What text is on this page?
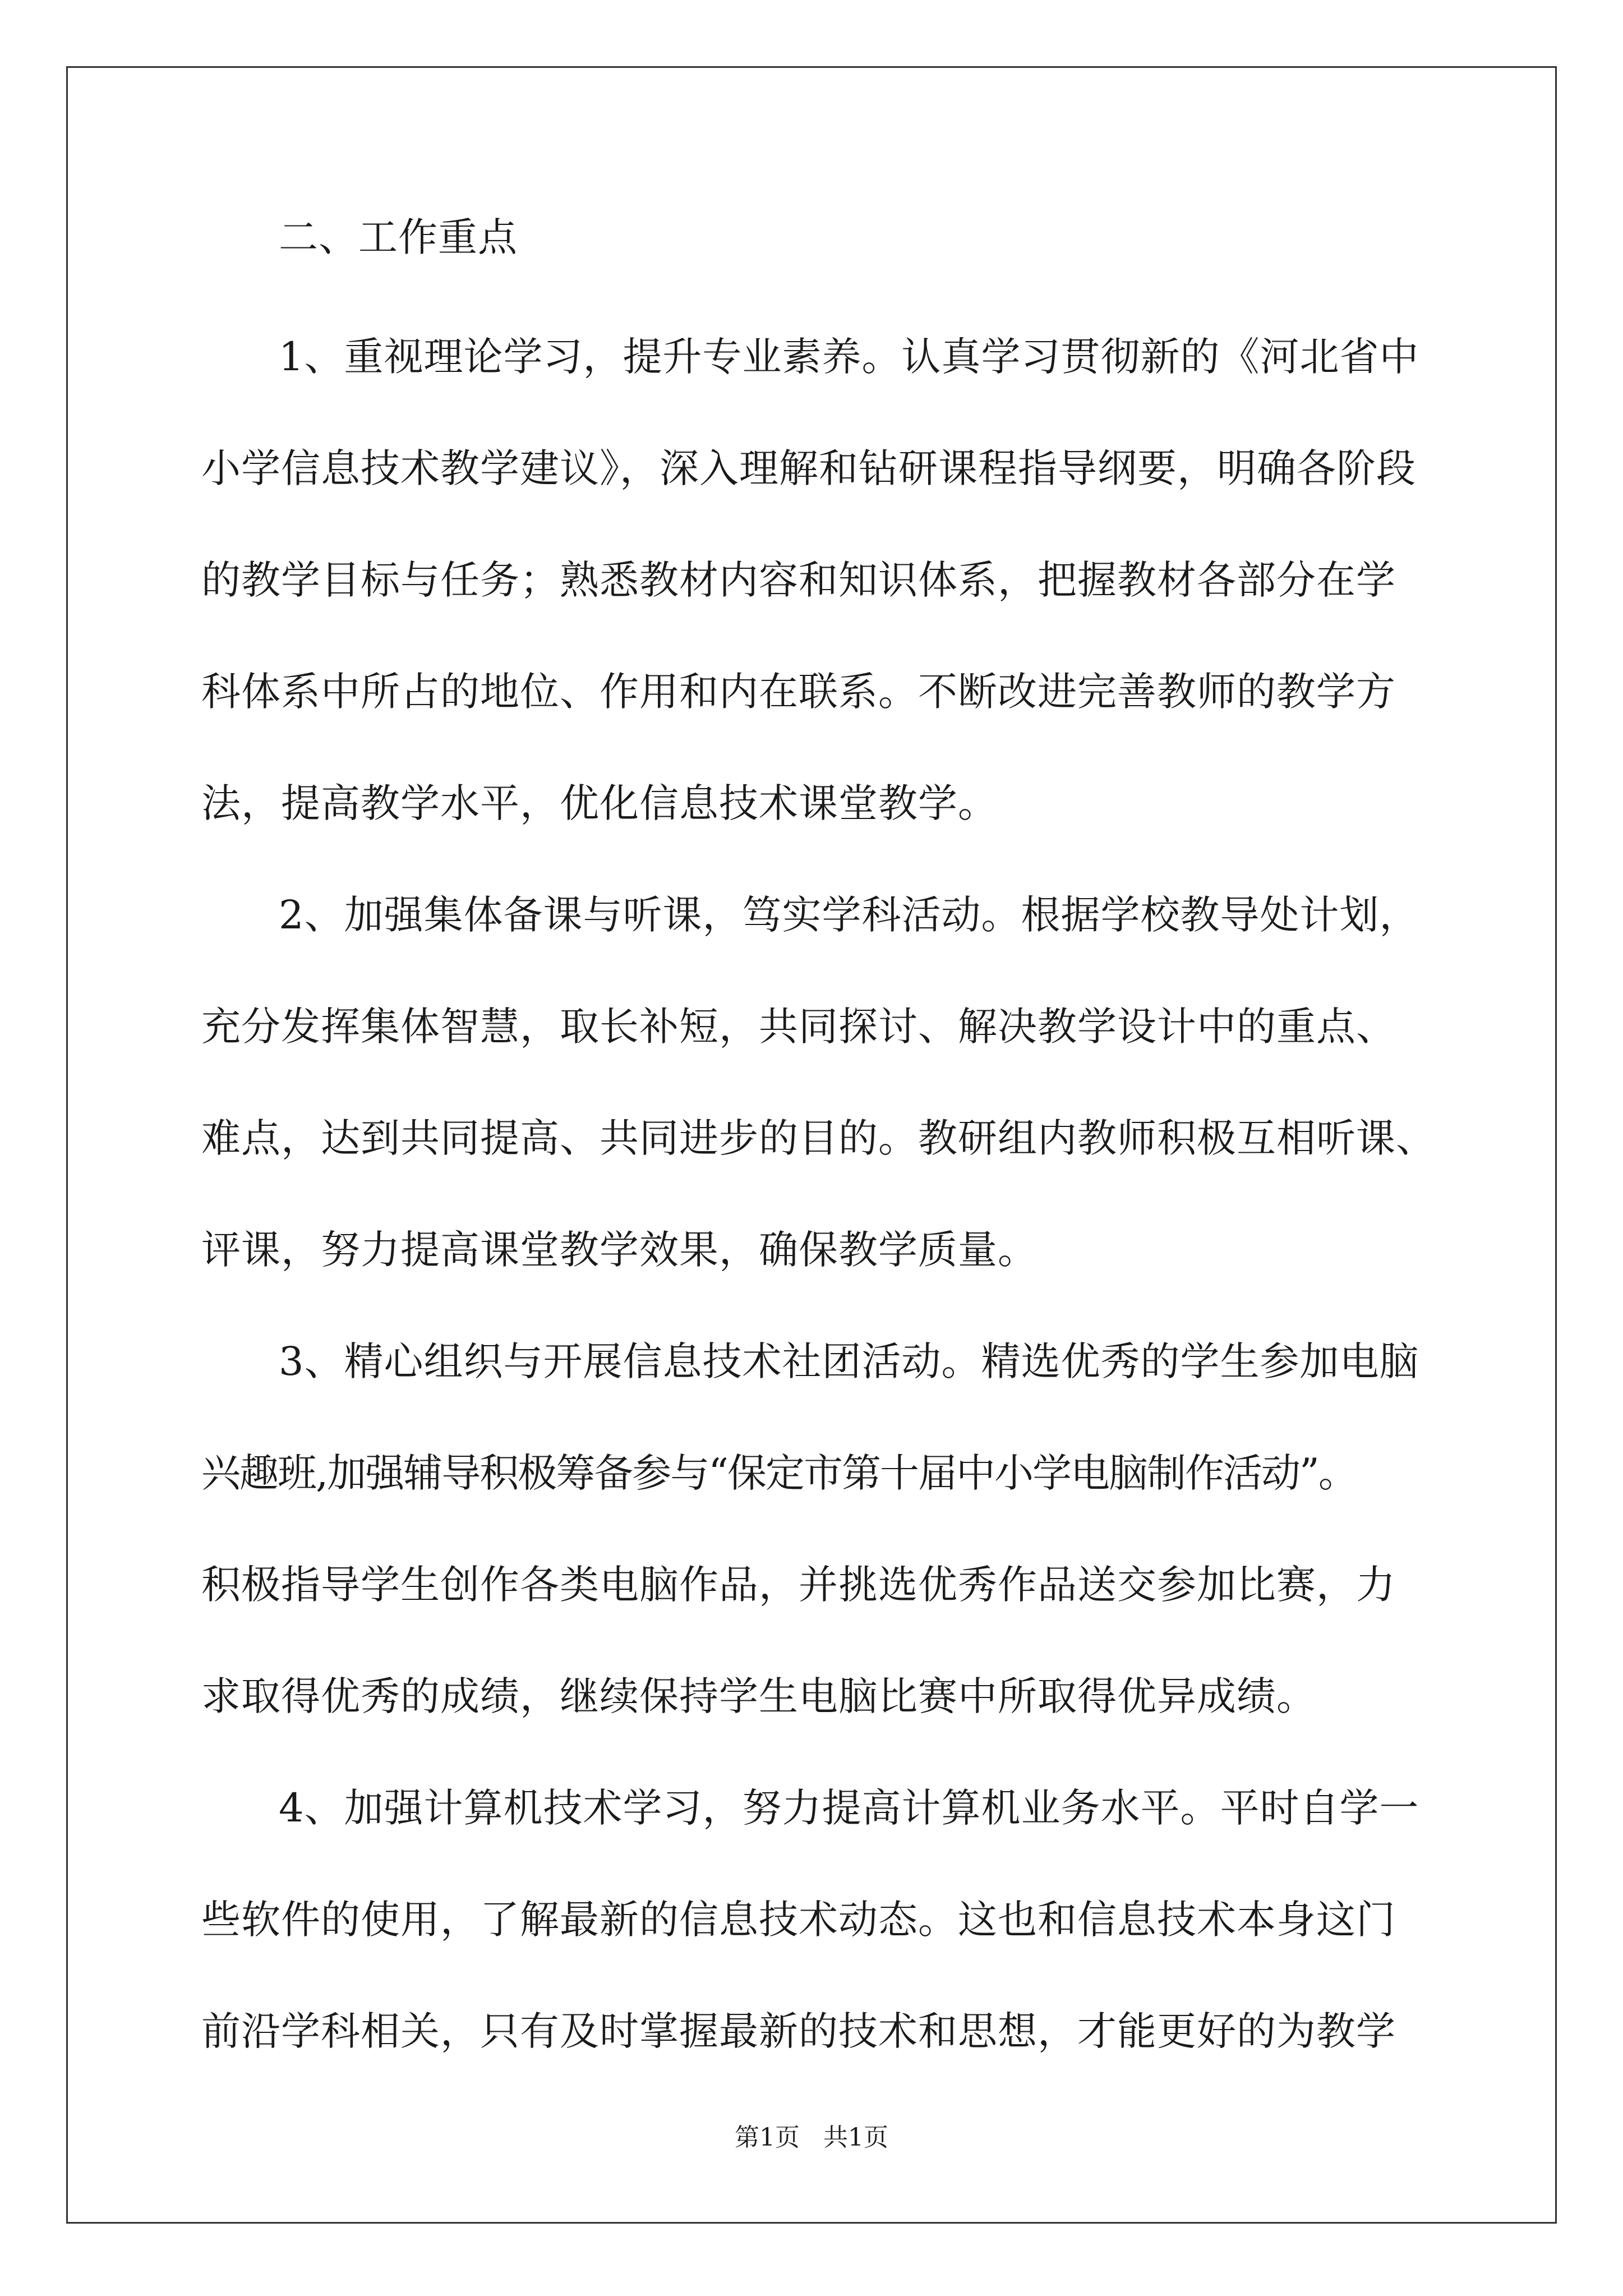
二、工作重点
1、重视理论学习，提升专业素养。认真学习贯彻新的《河北省中
小学信息技术教学建议》，深入理解和钻研课程指导纲要，明确各阶段
的教学目标与任务；熟悉教材内容和知识体系，把握教材各部分在学
科体系中所占的地位、作用和内在联系。不断改进完善教师的教学方
法，提高教学水平，优化信息技术课堂教学。
2、加强集体备课与听课，笃实学科活动。根据学校教导处计划，
充分发挥集体智慧，取长补短，共同探讨、解决教学设计中的重点、
难点，达到共同提高、共同进步的目的。教研组内教师积极互相听课、
评课，努力提高课堂教学效果，确保教学质量。
3、精心组织与开展信息技术社团活动。精选优秀的学生参加电脑
兴趣班,加强辅导积极筹备参与“保定市第十届中小学电脑制作活动”。
积极指导学生创作各类电脑作品，并挑选优秀作品送交参加比赛，力
求取得优秀的成绩，继续保持学生电脑比赛中所取得优异成绩。
4、加强计算机技术学习，努力提高计算机业务水平。平时自学一
些软件的使用，了解最新的信息技术动态。这也和信息技术本身这门
前沿学科相关，只有及时掌握最新的技术和思想，才能更好的为教学
第1页   共1页
